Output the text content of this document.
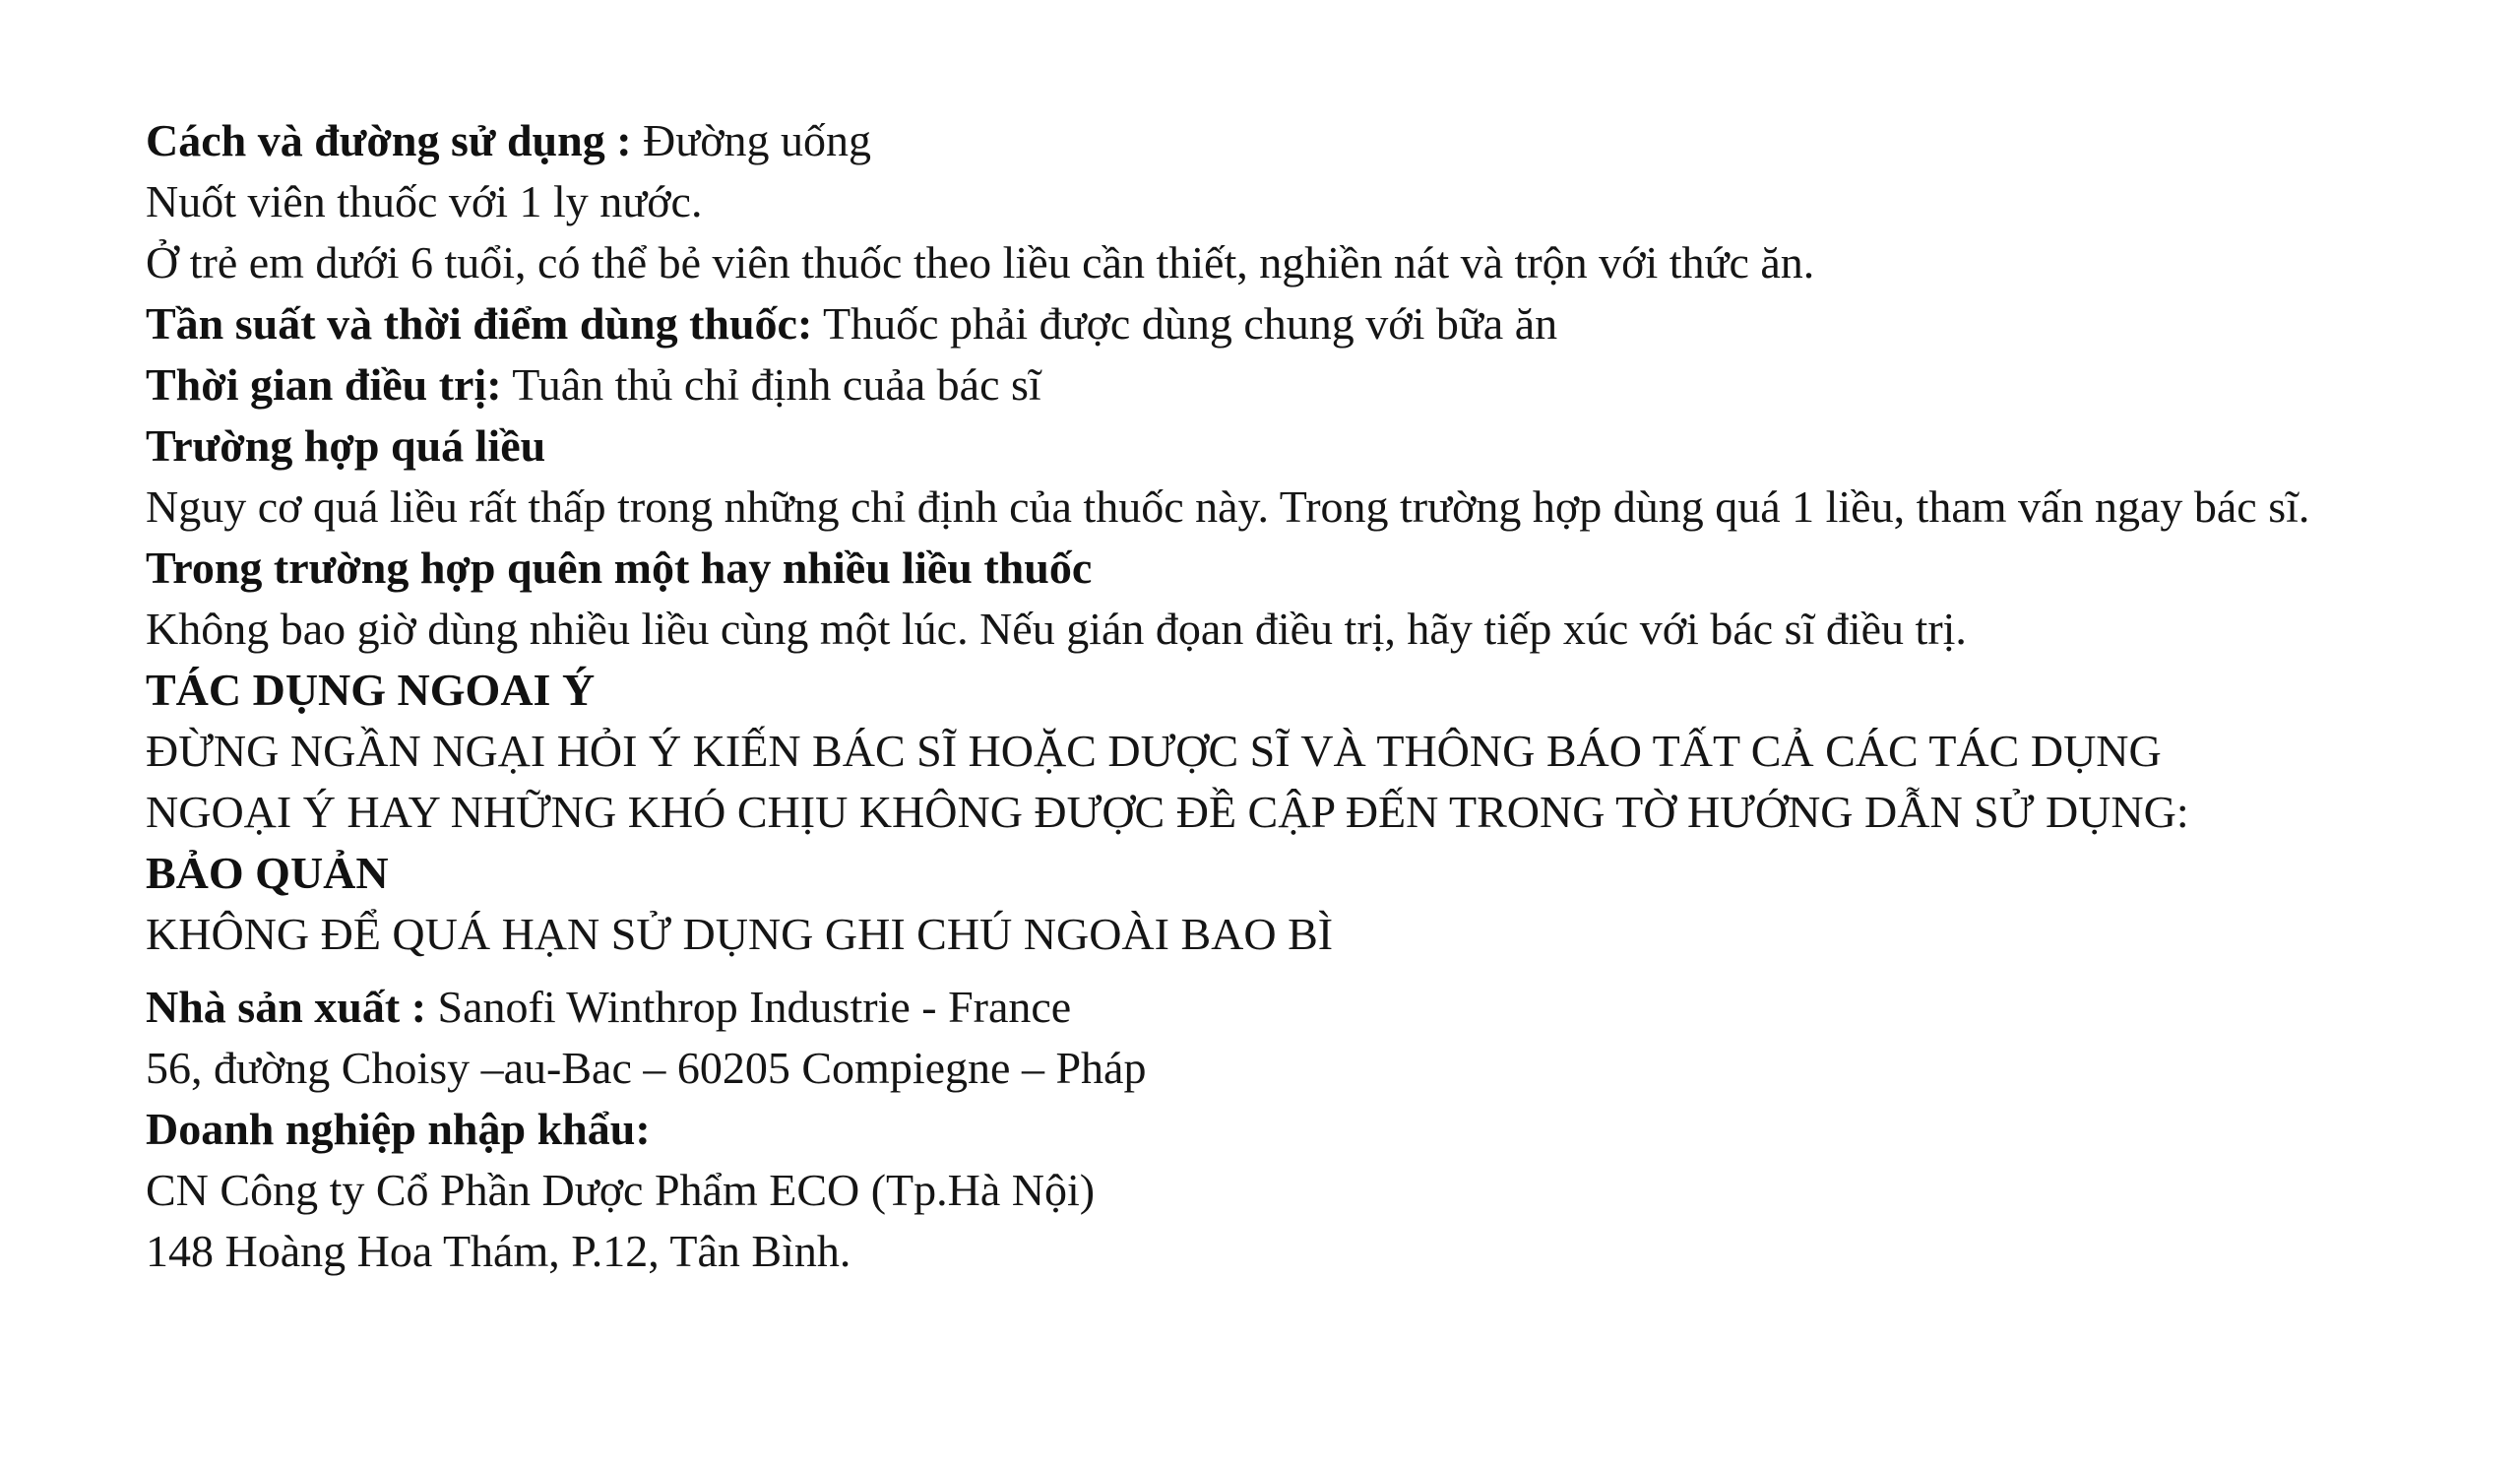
Cách và đường sử dụng : Đường uống

Nuốt viên thuốc với 1 ly nước.

Ở trẻ em dưới 6 tuổi, có thể bẻ viên thuốc theo liều cần thiết, nghiền nát và trộn với thức ăn.

Tần suất và thời điểm dùng thuốc: Thuốc phải được dùng chung với bữa ăn

Thời gian điều trị: Tuân thủ chỉ định cuảa bác sĩ

Trường hợp quá liều

Nguy cơ quá liều rất thấp trong những chỉ định của thuốc này. Trong trường hợp dùng quá 1 liều, tham vấn ngay bác sĩ.

Trong trường hợp quên một hay nhiều liều thuốc

Không bao giờ dùng nhiều liều cùng một lúc. Nếu gián đọan điều trị, hãy tiếp xúc với bác sĩ điều trị.

TÁC DỤNG NGOAI Ý

ĐỪNG NGẦN NGẠI HỎI Ý KIẾN BÁC SĨ HOẶC DƯỢC SĨ VÀ THÔNG BÁO TẤT CẢ CÁC TÁC DỤNG

NGOẠI Ý HAY NHỮNG KHÓ CHỊU KHÔNG ĐƯỢC ĐỀ CẬP ĐẾN TRONG TỜ HƯỚNG DẪN SỬ DỤNG:

BẢO QUẢN

KHÔNG ĐỂ QUÁ HẠN SỬ DỤNG GHI CHÚ NGOÀI BAO BÌ

Nhà sản xuất : Sanofi Winthrop Industrie - France

56, đường Choisy –au-Bac – 60205 Compiegne – Pháp

Doanh nghiệp nhập khẩu:

CN Công ty Cổ Phần Dược Phẩm ECO (Tp.Hà Nội)

148 Hoàng Hoa Thám, P.12, Tân Bình.
